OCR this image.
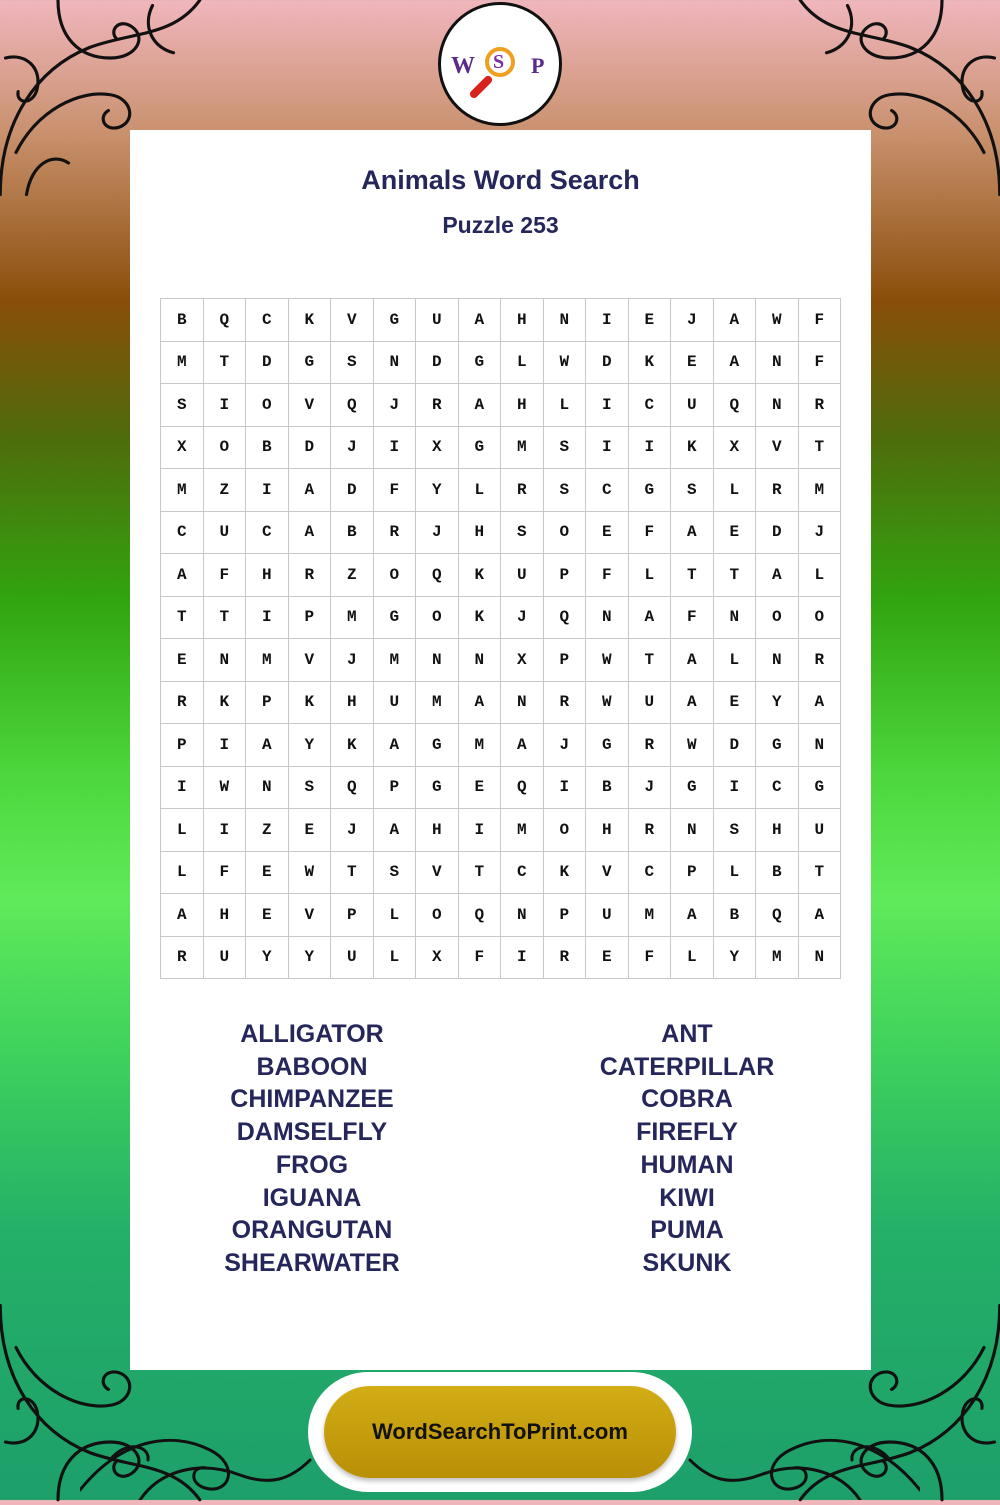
W S P
Animals Word Search
Puzzle 253
B	Q	C	K	V	G	U	A	H	N	I	E	J	A	W	F
M	T	D	G	S	N	D	G	L	W	D	K	E	A	N	F
S	I	O	V	Q	J	R	A	H	L	I	C	U	Q	N	R
X	O	B	D	J	I	X	G	M	S	I	I	K	X	V	T
M	Z	I	A	D	F	Y	L	R	S	C	G	S	L	R	M
C	U	C	A	B	R	J	H	S	O	E	F	A	E	D	J
A	F	H	R	Z	O	Q	K	U	P	F	L	T	T	A	L
T	T	I	P	M	G	O	K	J	Q	N	A	F	N	O	O
E	N	M	V	J	M	N	N	X	P	W	T	A	L	N	R
R	K	P	K	H	U	M	A	N	R	W	U	A	E	Y	A
P	I	A	Y	K	A	G	M	A	J	G	R	W	D	G	N
I	W	N	S	Q	P	G	E	Q	I	B	J	G	I	C	G
L	I	Z	E	J	A	H	I	M	O	H	R	N	S	H	U
L	F	E	W	T	S	V	T	C	K	V	C	P	L	B	T
A	H	E	V	P	L	O	Q	N	P	U	M	A	B	Q	A
R	U	Y	Y	U	L	X	F	I	R	E	F	L	Y	M	N
ALLIGATOR
BABOON
CHIMPANZEE
DAMSELFLY
FROG
IGUANA
ORANGUTAN
SHEARWATER
ANT
CATERPILLAR
COBRA
FIREFLY
HUMAN
KIWI
PUMA
SKUNK
WordSearchToPrint.com
